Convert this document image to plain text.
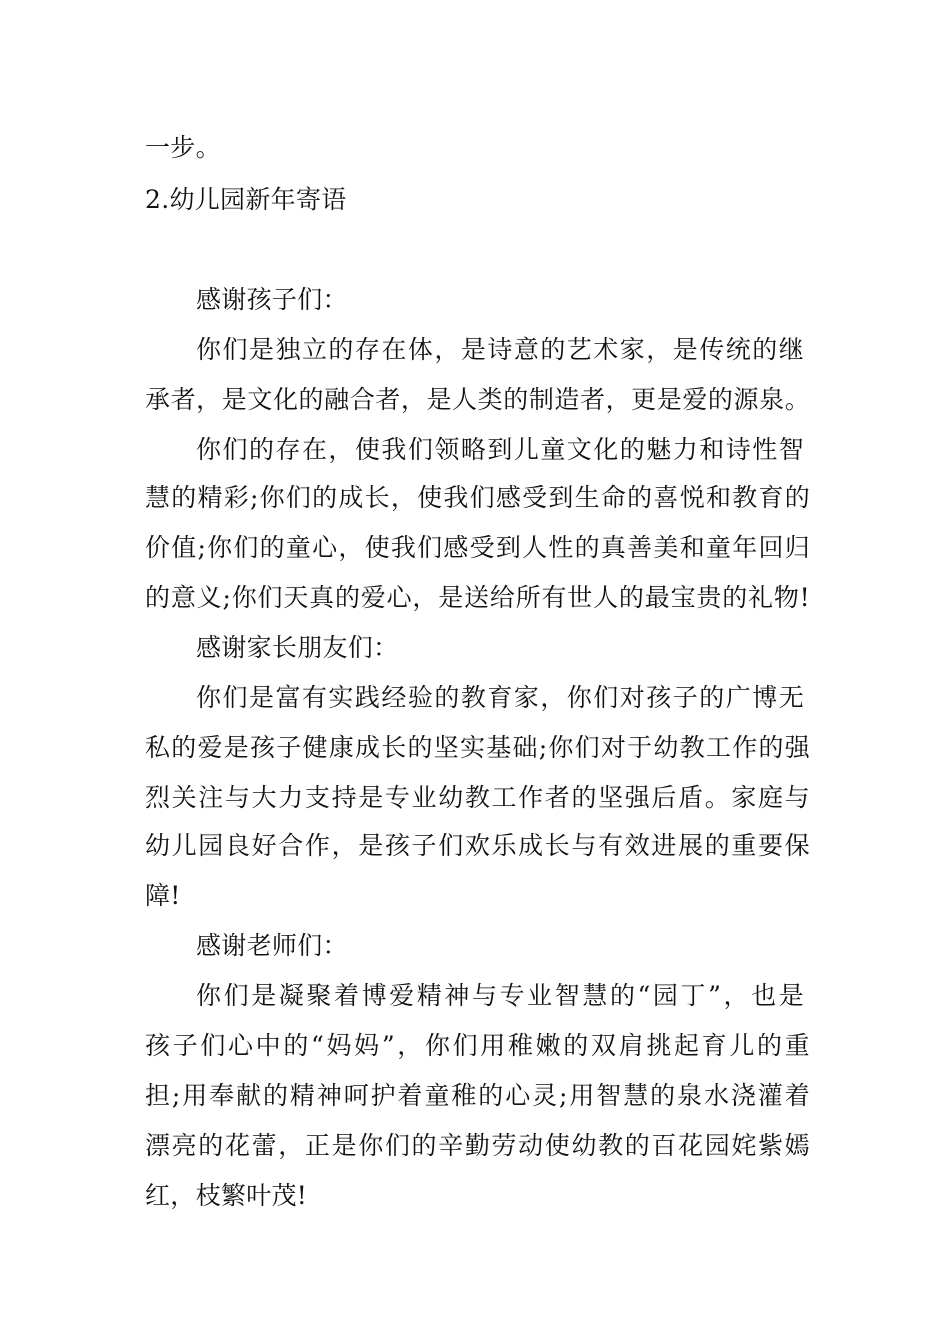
一步。
2.幼儿园新年寄语
感谢孩子们：
你们是独立的存在体，是诗意的艺术家，是传统的继
承者，是文化的融合者，是人类的制造者，更是爱的源泉。
你们的存在，使我们领略到儿童文化的魅力和诗性智
慧的精彩;你们的成长，使我们感受到生命的喜悦和教育的
价值;你们的童心，使我们感受到人性的真善美和童年回归
的意义;你们天真的爱心，是送给所有世人的最宝贵的礼物!
感谢家长朋友们：
你们是富有实践经验的教育家，你们对孩子的广博无
私的爱是孩子健康成长的坚实基础;你们对于幼教工作的强
烈关注与大力支持是专业幼教工作者的坚强后盾。家庭与
幼儿园良好合作，是孩子们欢乐成长与有效进展的重要保
障!
感谢老师们：
你们是凝聚着博爱精神与专业智慧的“园丁”，也是
孩子们心中的“妈妈”，你们用稚嫩的双肩挑起育儿的重
担;用奉献的精神呵护着童稚的心灵;用智慧的泉水浇灌着
漂亮的花蕾，正是你们的辛勤劳动使幼教的百花园姹紫嫣
红，枝繁叶茂!
